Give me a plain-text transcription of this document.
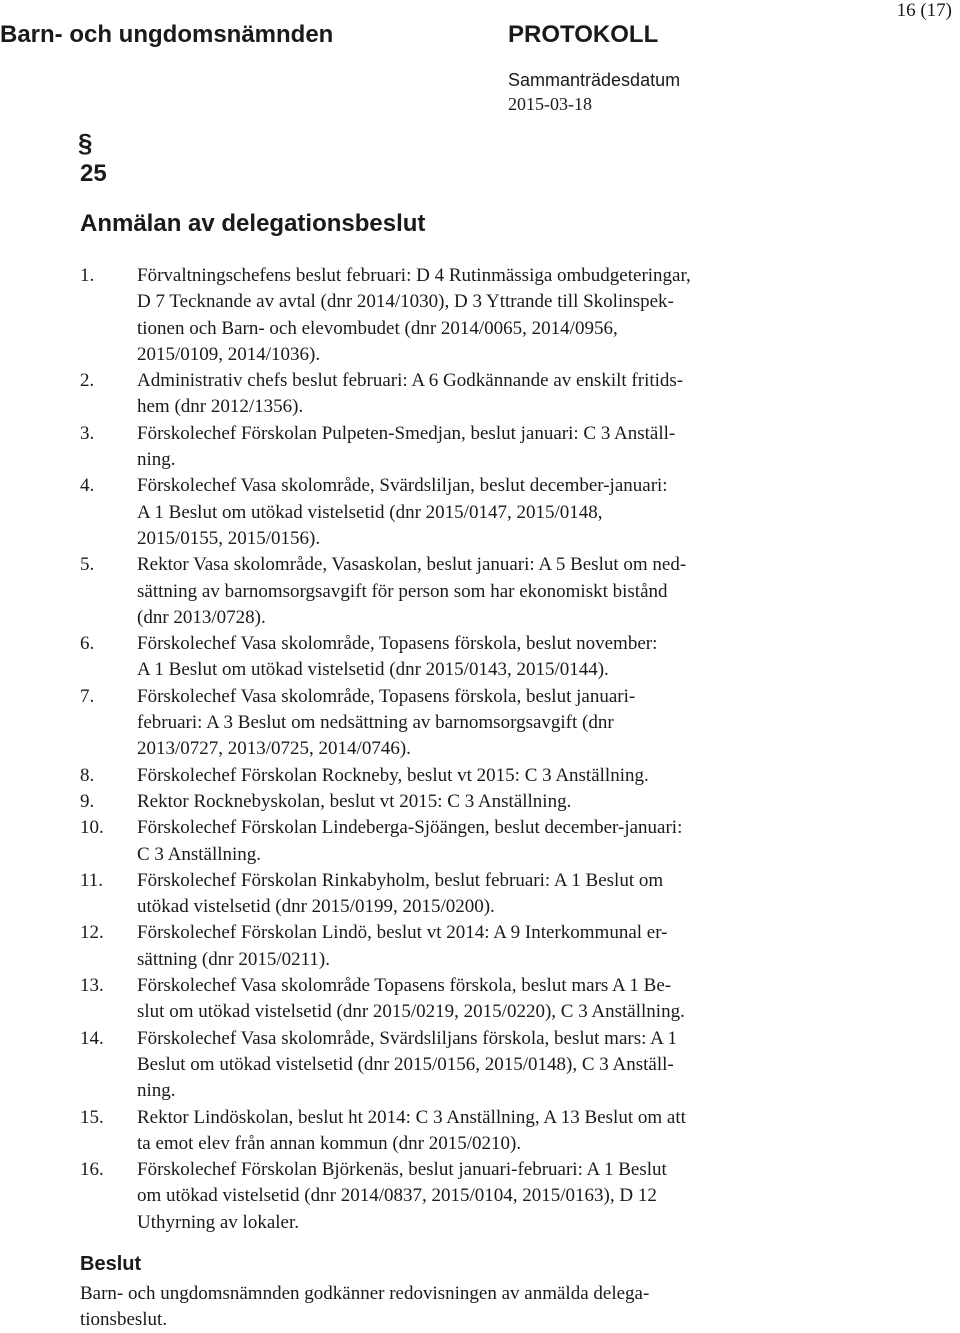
16 (17)
Barn- och ungdomsnämnden	PROTOKOLL
Sammanträdesdatum
2015-03-18
§
25
Anmälan av delegationsbeslut
1. Förvaltningschefens beslut februari: D 4 Rutinmässiga ombudgeteringar,
D 7 Tecknande av avtal (dnr 2014/1030), D 3 Yttrande till Skolinspek-
tionen och Barn- och elevombudet (dnr 2014/0065, 2014/0956,
2015/0109, 2014/1036).
2. Administrativ chefs beslut februari: A 6 Godkännande av enskilt fritids-
hem (dnr 2012/1356).
3. Förskolechef Förskolan Pulpeten-Smedjan, beslut januari: C 3 Anställ-
ning.
4. Förskolechef Vasa skolområde, Svärdsliljan, beslut december-januari:
A 1 Beslut om utökad vistelsetid (dnr 2015/0147, 2015/0148,
2015/0155, 2015/0156).
5. Rektor Vasa skolområde, Vasaskolan, beslut januari: A 5 Beslut om ned-
sättning av barnomsorgsavgift för person som har ekonomiskt bistånd
(dnr 2013/0728).
6. Förskolechef Vasa skolområde, Topasens förskola, beslut november:
A 1 Beslut om utökad vistelsetid (dnr 2015/0143, 2015/0144).
7. Förskolechef Vasa skolområde, Topasens förskola, beslut januari-
februari: A 3 Beslut om nedsättning av barnomsorgsavgift (dnr
2013/0727, 2013/0725, 2014/0746).
8. Förskolechef Förskolan Rockneby, beslut vt 2015: C 3 Anställning.
9. Rektor Rocknebyskolan, beslut vt 2015: C 3 Anställning.
10. Förskolechef Förskolan Lindeberga-Sjöängen, beslut december-januari:
C 3 Anställning.
11. Förskolechef Förskolan Rinkabyholm, beslut februari: A 1 Beslut om
utökad vistelsetid (dnr 2015/0199, 2015/0200).
12. Förskolechef Förskolan Lindö, beslut vt 2014: A 9 Interkommunal er-
sättning (dnr 2015/0211).
13. Förskolechef Vasa skolområde Topasens förskola, beslut mars A 1 Be-
slut om utökad vistelsetid (dnr 2015/0219, 2015/0220), C 3 Anställning.
14. Förskolechef Vasa skolområde, Svärdsliljans förskola, beslut mars: A 1
Beslut om utökad vistelsetid (dnr 2015/0156, 2015/0148), C 3 Anställ-
ning.
15. Rektor Lindöskolan, beslut ht 2014: C 3 Anställning, A 13 Beslut om att
ta emot elev från annan kommun (dnr 2015/0210).
16. Förskolechef Förskolan Björkenäs, beslut januari-februari: A 1 Beslut
om utökad vistelsetid (dnr 2014/0837, 2015/0104, 2015/0163), D 12
Uthyrning av lokaler.
Beslut
Barn- och ungdomsnämnden godkänner redovisningen av anmälda delega-
tionsbeslut.
